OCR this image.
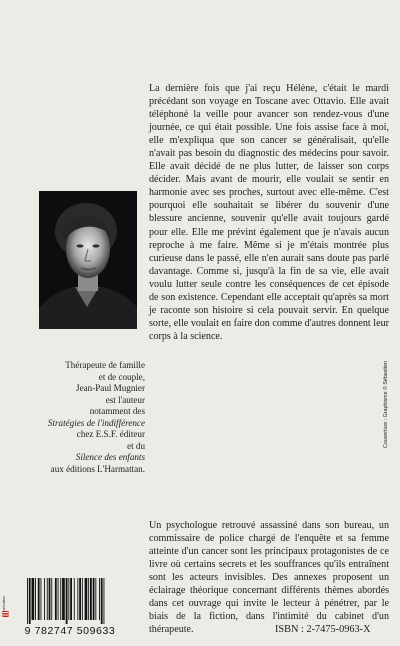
La dernière fois que j'ai reçu Hélène, c'était le mardi précédant son voyage en Toscane avec Ottavio. Elle avait téléphoné la veille pour avancer son rendez-vous d'une journée, ce qui était possible. Une fois assise face à moi, elle m'expliqua que son cancer se généralisait, qu'elle n'avait pas besoin du diagnostic des médecins pour savoir. Elle avait décidé de ne plus lutter, de laisser son corps décider. Mais avant de mourir, elle voulait se sentir en harmonie avec ses proches, surtout avec elle-même. C'est pourquoi elle souhaitait se libérer du souvenir d'une blessure ancienne, souvenir qu'elle avait toujours gardé pour elle. Elle me prévint également que je n'avais aucun reproche à me faire. Même si je m'étais montrée plus curieuse dans le passé, elle n'en aurait sans doute pas parlé davantage. Comme si, jusqu'à la fin de sa vie, elle avait voulu lutter seule contre les conséquences de cet épisode de son existence. Cependant elle acceptait qu'après sa mort je raconte son histoire si cela pouvait servir. En quelque sorte, elle voulait en faire don comme d'autres donnent leur corps à la science.

Thérapeute de famille
et de couple,
Jean-Paul Mugnier
est l'auteur
notamment des
Stratégies de l'indifférence
chez E.S.F. éditeur
et du
Silence des enfants
aux éditions L'Harmattan.

Un psychologue retrouvé assassiné dans son bureau, un commissaire de police chargé de l'enquête et sa femme atteinte d'un cancer sont les principaux protagonistes de ce livre où certains secrets et les souffrances qu'ils entraînent sont les acteurs invisibles. Des annexes proposent un éclairage théorique concernant différents thèmes abordés dans cet ouvrage qui invite le lecteur à pénétrer, par le biais de la fiction, dans l'intimité du cabinet d'un thérapeute.

Couverture : Graphisme © Sébastien
harmattan
9 782747 509633	ISBN : 2-7475-0963-X
